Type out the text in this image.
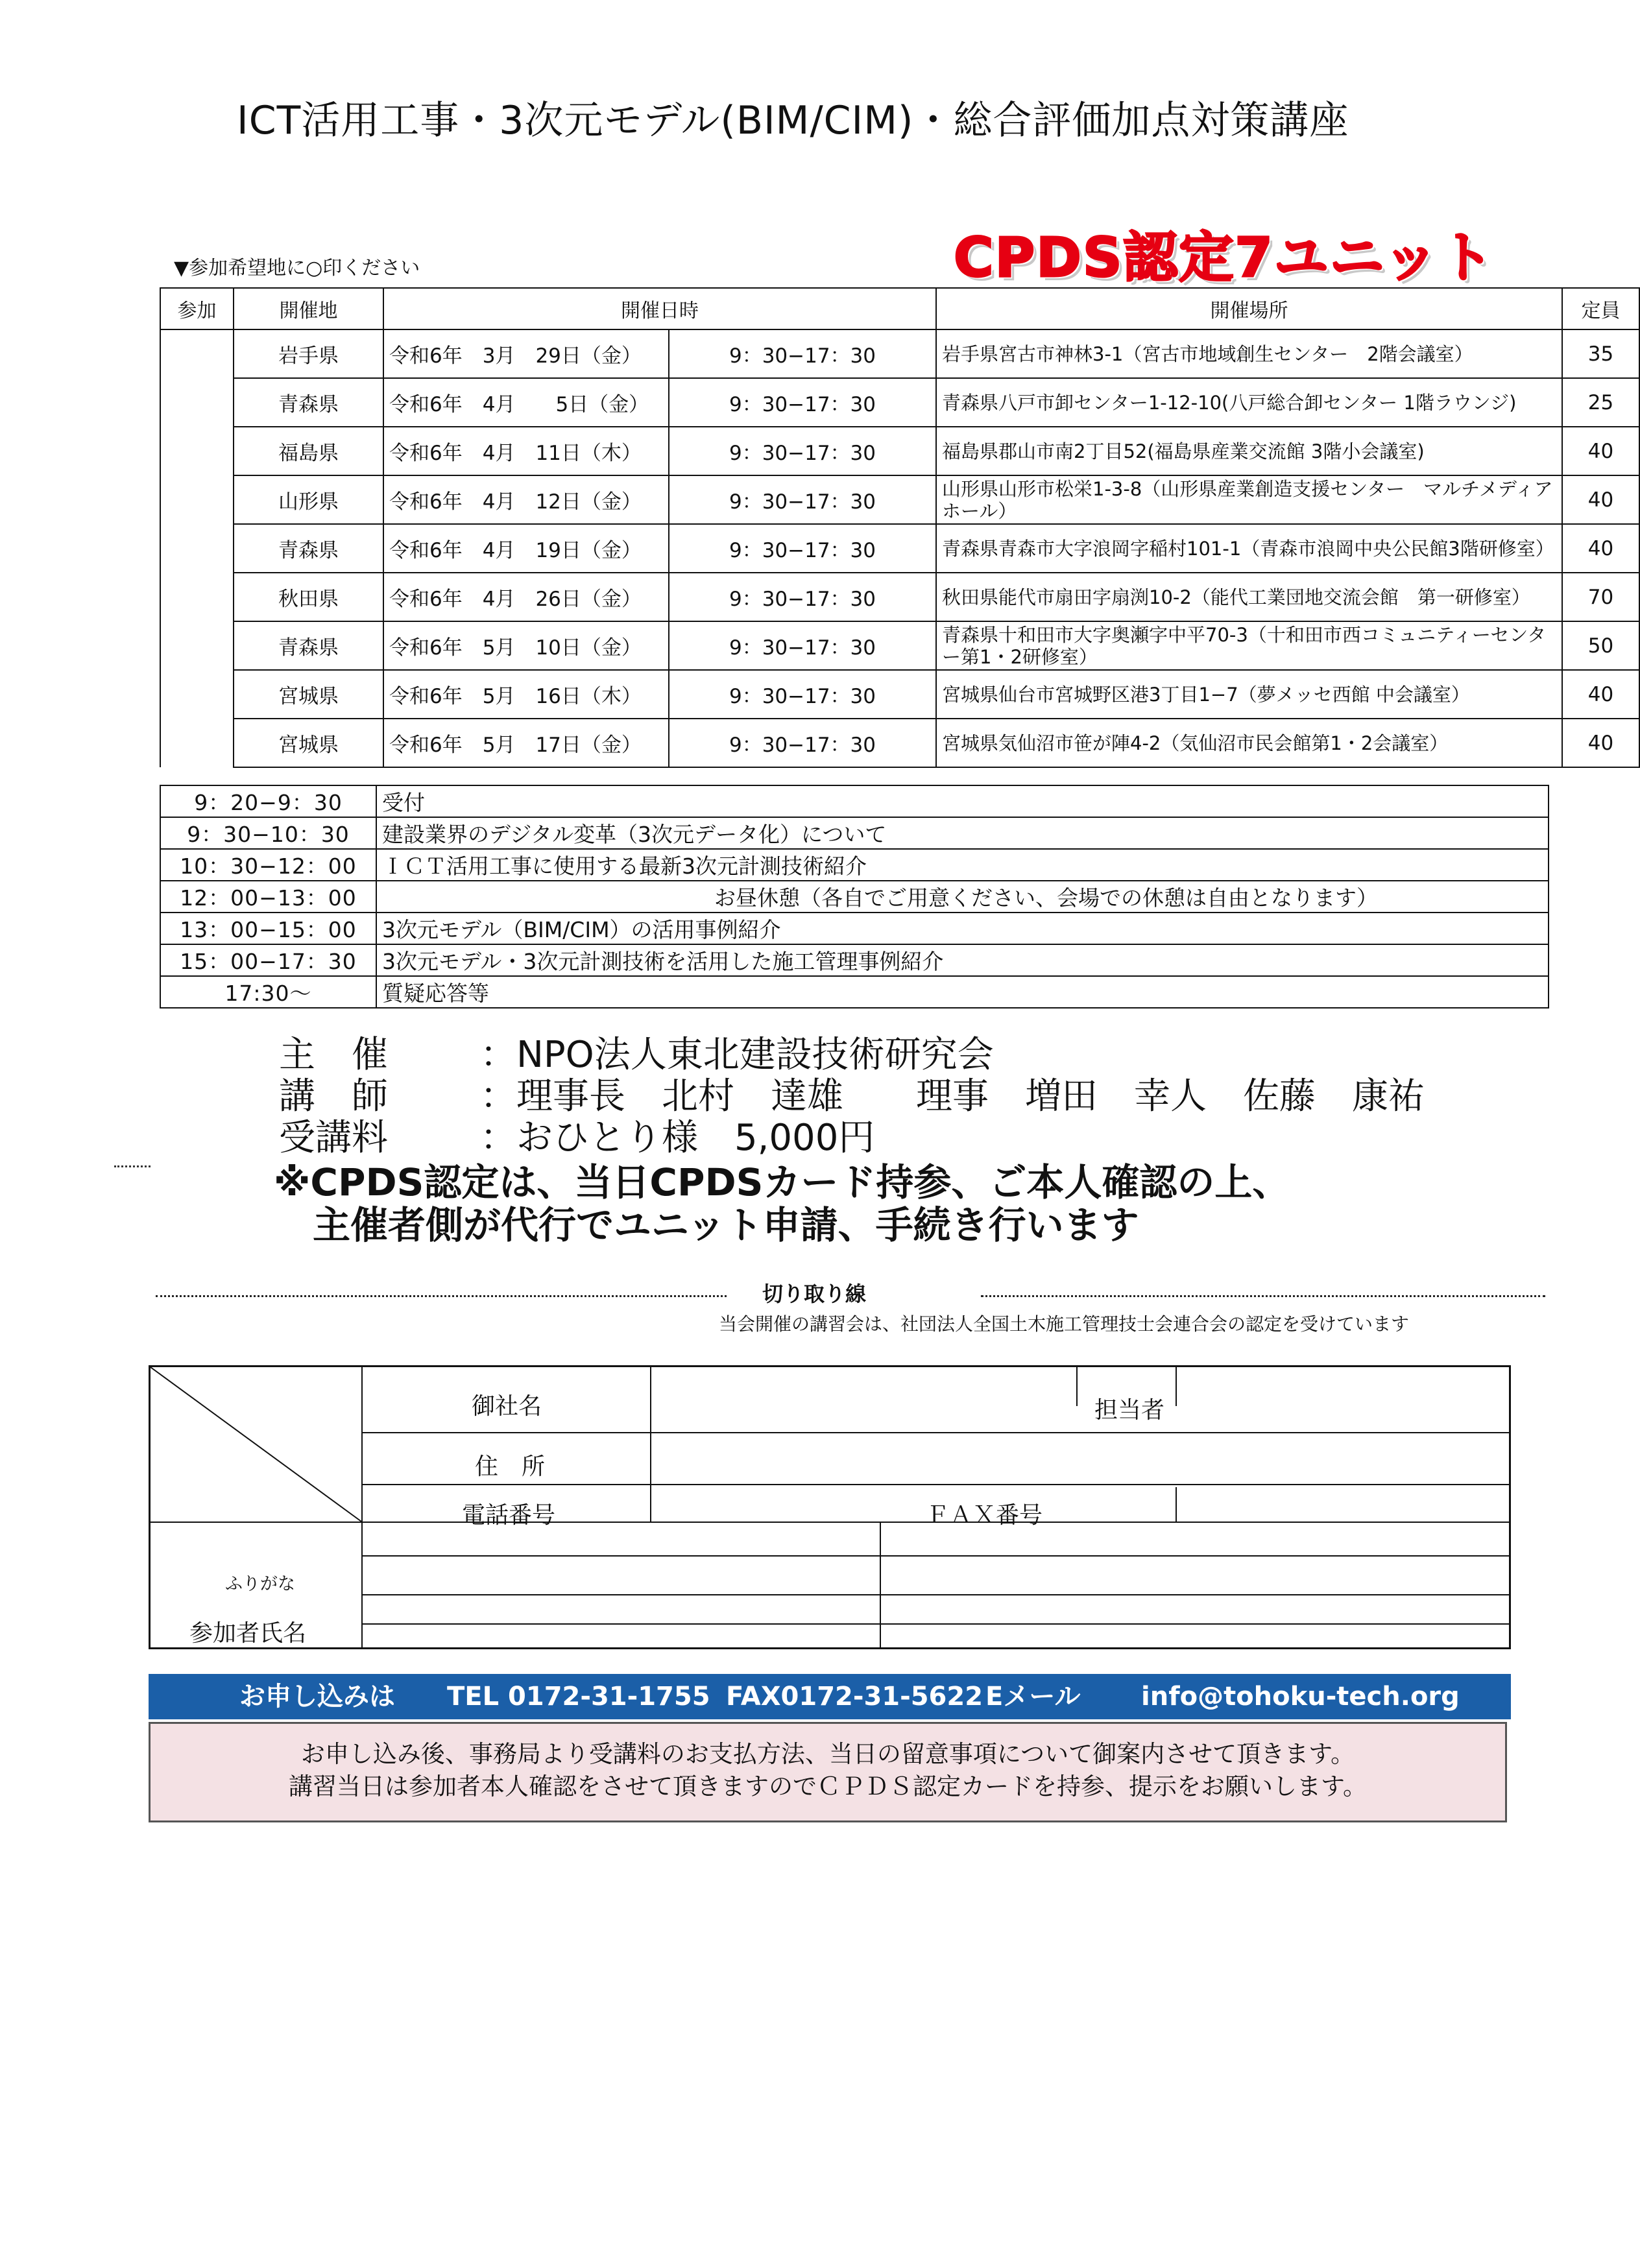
ICT活用工事・3次元モデル(BIM/CIM)・総合評価加点対策講座
▼参加希望地に○印ください	CPDS認定7ユニット
参加	開催地	開催日時		開催場所	定員
	岩手県	令和6年　3月　29日（金）	9：30−17：30	岩手県宮古市神林3-1（宮古市地域創生センター　2階会議室）	35
	青森県	令和6年　4月　　5日（金）	9：30−17：30	青森県八戸市卸センター1-12-10(八戸総合卸センター 1階ラウンジ)	25
	福島県	令和6年　4月　11日（木）	9：30−17：30	福島県郡山市南2丁目52(福島県産業交流館 3階小会議室)	40
	山形県	令和6年　4月　12日（金）	9：30−17：30	山形県山形市松栄1-3-8（山形県産業創造支援センター　マルチメディアホール）	40
	青森県	令和6年　4月　19日（金）	9：30−17：30	青森県青森市大字浪岡字稲村101-1（青森市浪岡中央公民館3階研修室）	40
	秋田県	令和6年　4月　26日（金）	9：30−17：30	秋田県能代市扇田字扇渕10-2（能代工業団地交流会館　第一研修室）	70
	青森県	令和6年　5月　10日（金）	9：30−17：30	青森県十和田市大字奥瀬字中平70-3（十和田市西コミュニティーセンター第1・2研修室）	50
	宮城県	令和6年　5月　16日（木）	9：30−17：30	宮城県仙台市宮城野区港3丁目1−7（夢メッセ西館 中会議室）	40
	宮城県	令和6年　5月　17日（金）	9：30−17：30	宮城県気仙沼市笹が陣4-2（気仙沼市民会館第1・2会議室）	40
9：20−9：30	受付
9：30−10：30	建設業界のデジタル変革（3次元データ化）について
10：30−12：00	ＩＣＴ活用工事に使用する最新3次元計測技術紹介
12：00−13：00	お昼休憩（各自でご用意ください、会場での休憩は自由となります）
13：00−15：00	3次元モデル（BIM/CIM）の活用事例紹介
15：00−17：30	3次元モデル・3次元計測技術を活用した施工管理事例紹介
17:30〜	質疑応答等
主　催	： NPO法人東北建設技術研究会
講　師	： 理事長　北村　達雄　　理事　増田　幸人　佐藤　康祐
受講料	： おひとり様　5,000円
※CPDS認定は、当日CPDSカード持参、ご本人確認の上、
主催者側が代行でユニット申請、手続き行います
切り取り線
当会開催の講習会は、社団法人全国土木施工管理技士会連合会の認定を受けています
御社名	担当者
住　所
電話番号	ＦＡＸ番号
ふりがな
参加者氏名
お申し込みは TEL 0172-31-1755 FAX0172-31-5622 Eメール info@tohoku-tech.org
お申し込み後、事務局より受講料のお支払方法、当日の留意事項について御案内させて頂きます。
講習当日は参加者本人確認をさせて頂きますのでＣＰＤＳ認定カードを持参、提示をお願いします。
